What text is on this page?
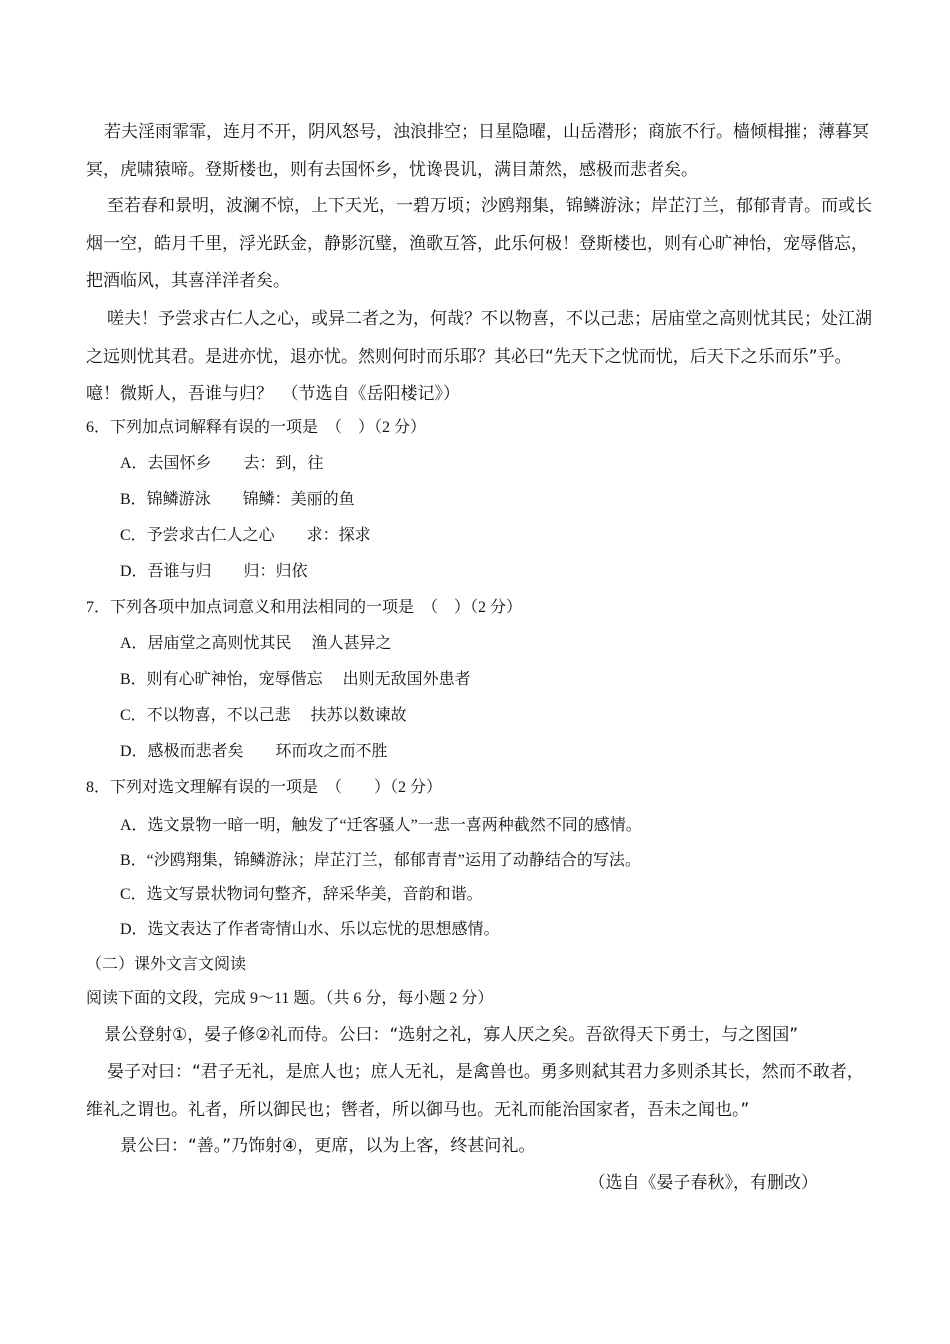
若夫淫雨霏霏，连月不开，阴风怒号，浊浪排空；日星隐曜，山岳潜形；商旅不行。樯倾楫摧；薄暮冥
冥，虎啸猿啼。登斯楼也，则有去国怀乡，忧谗畏讥，满目萧然，感极而悲者矣。
至若春和景明，波澜不惊，上下天光，一碧万顷；沙鸥翔集，锦鳞游泳；岸芷汀兰，郁郁青青。而或长
烟一空，皓月千里，浮光跃金，静影沉璧，渔歌互答，此乐何极！登斯楼也，则有心旷神怡，宠辱偕忘，
把酒临风，其喜洋洋者矣。
嗟夫！予尝求古仁人之心，或异二者之为，何哉？不以物喜，不以己悲；居庙堂之高则忧其民；处江湖
之远则忧其君。是进亦忧，退亦忧。然则何时而乐耶？其必曰“先天下之忧而忧，后天下之乐而乐”乎。
噫！微斯人，吾谁与归？　（节选自《岳阳楼记》）
6．下列加点词解释有误的一项是　（　）（2 分）
A．去国怀乡　　去：到，往
B．锦鳞游泳　　锦鳞：美丽的鱼
C．予尝求古仁人之心　　求：探求
D．吾谁与归　　归：归依
7．下列各项中加点词意义和用法相同的一项是　（　）（2 分）
A．居庙堂之高则忧其民　 渔人甚异之
B．则有心旷神怡，宠辱偕忘　 出则无敌国外患者
C．不以物喜，不以己悲　 扶苏以数谏故
D．感极而悲者矣　　环而攻之而不胜
8．下列对选文理解有误的一项是　（　　）（2 分）
A．选文景物一暗一明，触发了“迁客骚人”一悲一喜两种截然不同的感情。
B．“沙鸥翔集，锦鳞游泳；岸芷汀兰，郁郁青青”运用了动静结合的写法。
C．选文写景状物词句整齐，辞采华美，音韵和谐。
D．选文表达了作者寄情山水、乐以忘忧的思想感情。
（二）课外文言文阅读
阅读下面的文段，完成 9～11 题。（共 6 分，每小题 2 分）
景公登射①，晏子修②礼而侍。公曰：“选射之礼，寡人厌之矣。吾欲得天下勇士，与之图国”
晏子对曰：“君子无礼，是庶人也；庶人无礼，是禽兽也。勇多则弑其君力多则杀其长，然而不敢者，
维礼之谓也。礼者，所以御民也；辔者，所以御马也。无礼而能治国家者，吾未之闻也。”
景公曰：“善。”乃饰射④，更席，以为上客，终甚问礼。
（选自《晏子春秋》，有删改）
